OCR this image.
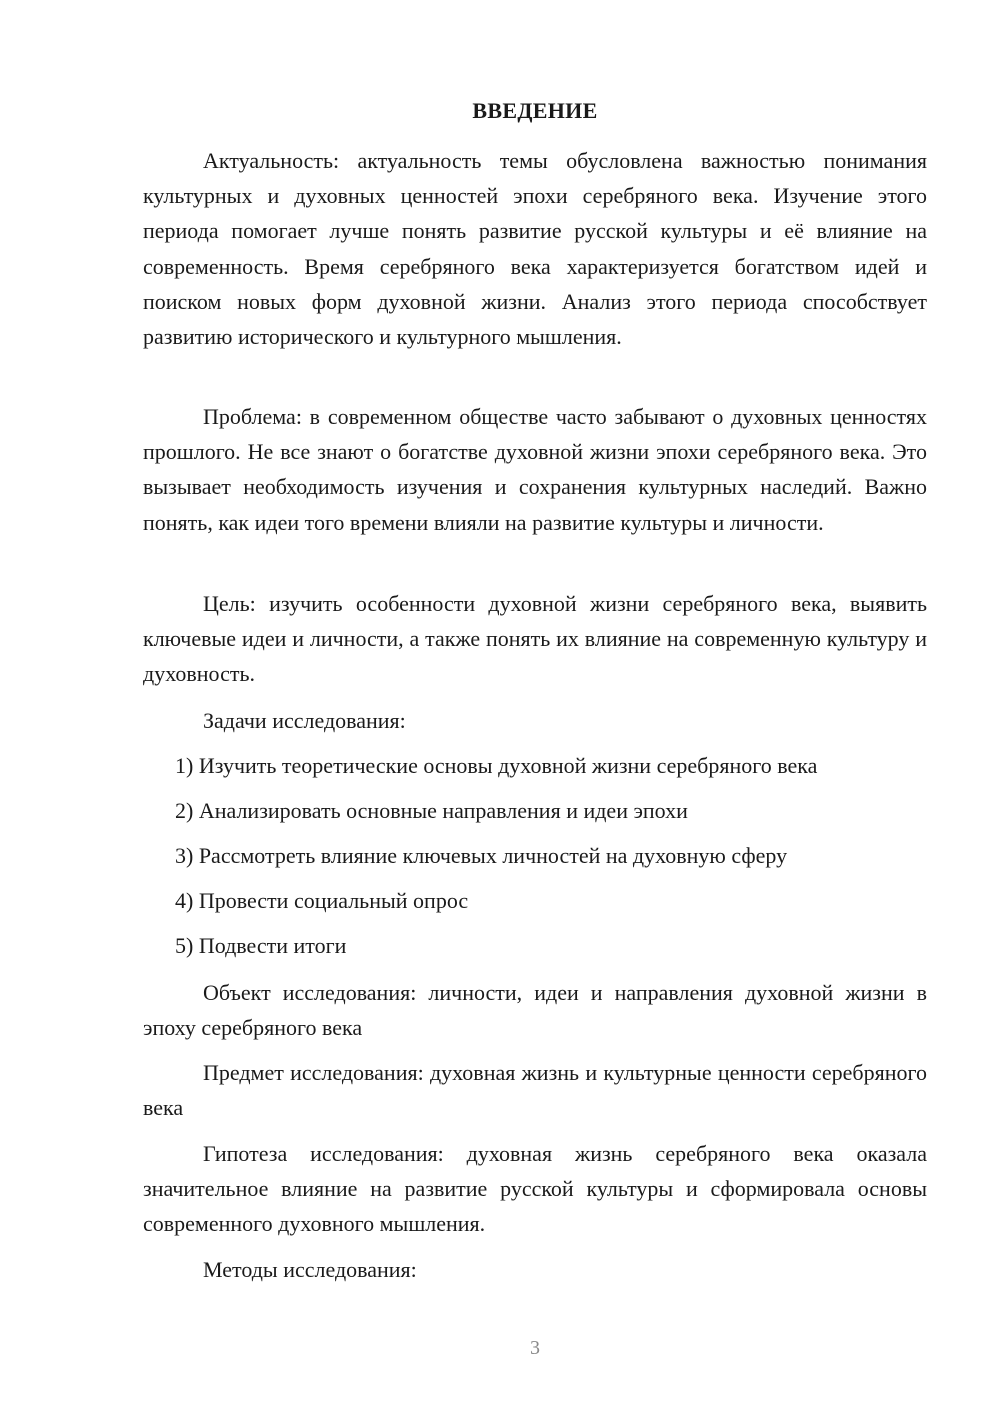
ВВЕДЕНИЕ

Актуальность: актуальность темы обусловлена важностью понимания культурных и духовных ценностей эпохи серебряного века. Изучение этого периода помогает лучше понять развитие русской культуры и её влияние на современность. Время серебряного века характеризуется богатством идей и поиском новых форм духовной жизни. Анализ этого периода способствует развитию исторического и культурного мышления.

Проблема: в современном обществе часто забывают о духовных ценностях прошлого. Не все знают о богатстве духовной жизни эпохи серебряного века. Это вызывает необходимость изучения и сохранения культурных наследий. Важно понять, как идеи того времени влияли на развитие культуры и личности.

Цель: изучить особенности духовной жизни серебряного века, выявить ключевые идеи и личности, а также понять их влияние на современную культуру и духовность.

Задачи исследования:

1) Изучить теоретические основы духовной жизни серебряного века

2) Анализировать основные направления и идеи эпохи

3) Рассмотреть влияние ключевых личностей на духовную сферу

4) Провести социальный опрос

5) Подвести итоги

Объект исследования: личности, идеи и направления духовной жизни в эпоху серебряного века

Предмет исследования: духовная жизнь и культурные ценности серебряного века

Гипотеза исследования: духовная жизнь серебряного века оказала значительное влияние на развитие русской культуры и сформировала основы современного духовного мышления.

Методы исследования:

3
